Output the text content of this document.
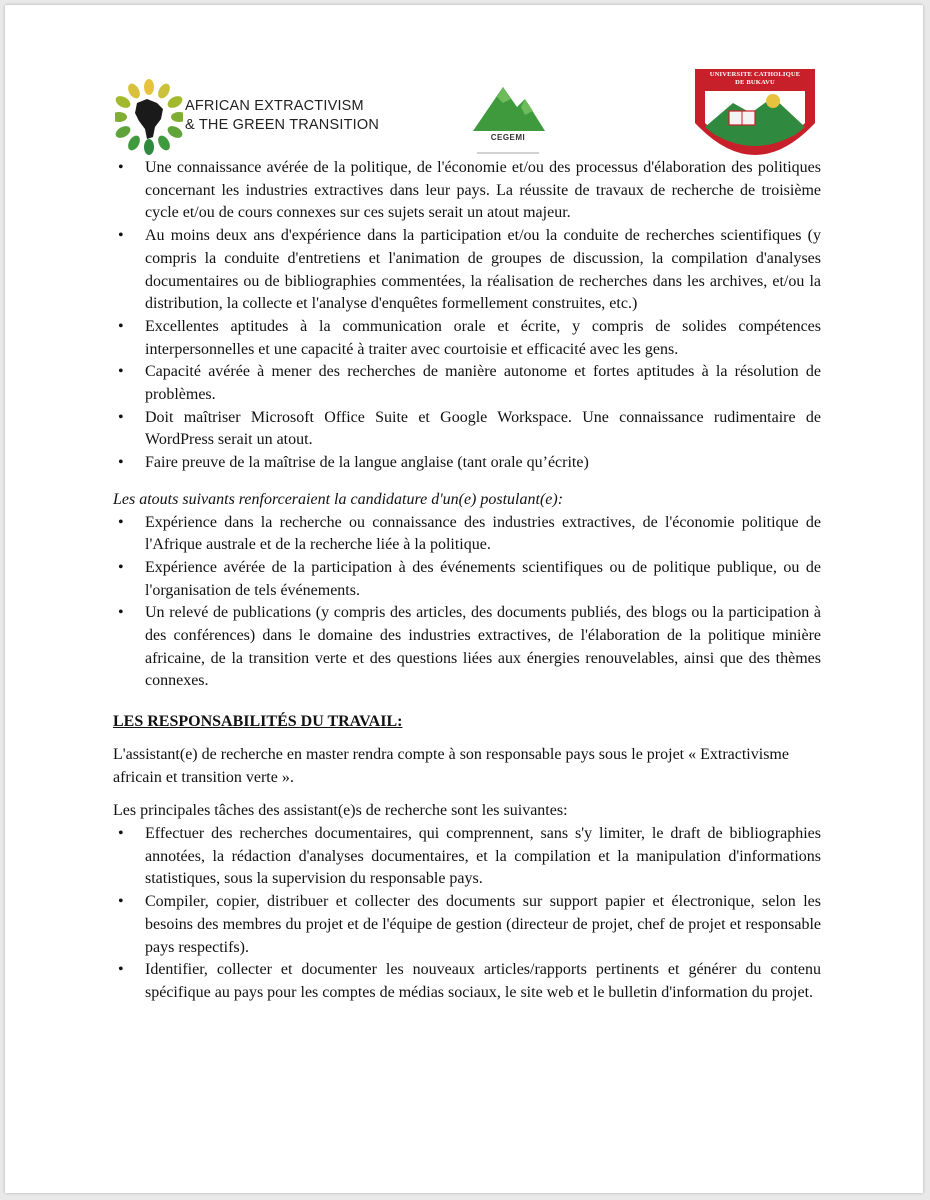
AFRICAN EXTRACTIVISM
& THE GREEN TRANSITION
CEGEMI
UNIVERSITE CATHOLIQUE
DE BUKAVU
• Une connaissance avérée de la politique, de l'économie et/ou des processus d'élaboration des politiques concernant les industries extractives dans leur pays. La réussite de travaux de recherche de troisième cycle et/ou de cours connexes sur ces sujets serait un atout majeur.
• Au moins deux ans d'expérience dans la participation et/ou la conduite de recherches scientifiques (y compris la conduite d'entretiens et l'animation de groupes de discussion, la compilation d'analyses documentaires ou de bibliographies commentées, la réalisation de recherches dans les archives, et/ou la distribution, la collecte et l'analyse d'enquêtes formellement construites, etc.)
• Excellentes aptitudes à la communication orale et écrite, y compris de solides compétences interpersonnelles et une capacité à traiter avec courtoisie et efficacité avec les gens.
• Capacité avérée à mener des recherches de manière autonome et fortes aptitudes à la résolution de problèmes.
• Doit maîtriser Microsoft Office Suite et Google Workspace. Une connaissance rudimentaire de WordPress serait un atout.
• Faire preuve de la maîtrise de la langue anglaise (tant orale qu’écrite)
Les atouts suivants renforceraient la candidature d'un(e) postulant(e):
• Expérience dans la recherche ou connaissance des industries extractives, de l'économie politique de l'Afrique australe et de la recherche liée à la politique.
• Expérience avérée de la participation à des événements scientifiques ou de politique publique, ou de l'organisation de tels événements.
• Un relevé de publications (y compris des articles, des documents publiés, des blogs ou la participation à des conférences) dans le domaine des industries extractives, de l'élaboration de la politique minière africaine, de la transition verte et des questions liées aux énergies renouvelables, ainsi que des thèmes connexes.
LES RESPONSABILITÉS DU TRAVAIL:
L'assistant(e) de recherche en master rendra compte à son responsable pays sous le projet « Extractivisme africain et transition verte ».
Les principales tâches des assistant(e)s de recherche sont les suivantes:
• Effectuer des recherches documentaires, qui comprennent, sans s'y limiter, le draft de bibliographies annotées, la rédaction d'analyses documentaires, et la compilation et la manipulation d'informations statistiques, sous la supervision du responsable pays.
• Compiler, copier, distribuer et collecter des documents sur support papier et électronique, selon les besoins des membres du projet et de l'équipe de gestion (directeur de projet, chef de projet et responsable pays respectifs).
• Identifier, collecter et documenter les nouveaux articles/rapports pertinents et générer du contenu spécifique au pays pour les comptes de médias sociaux, le site web et le bulletin d'information du projet.
